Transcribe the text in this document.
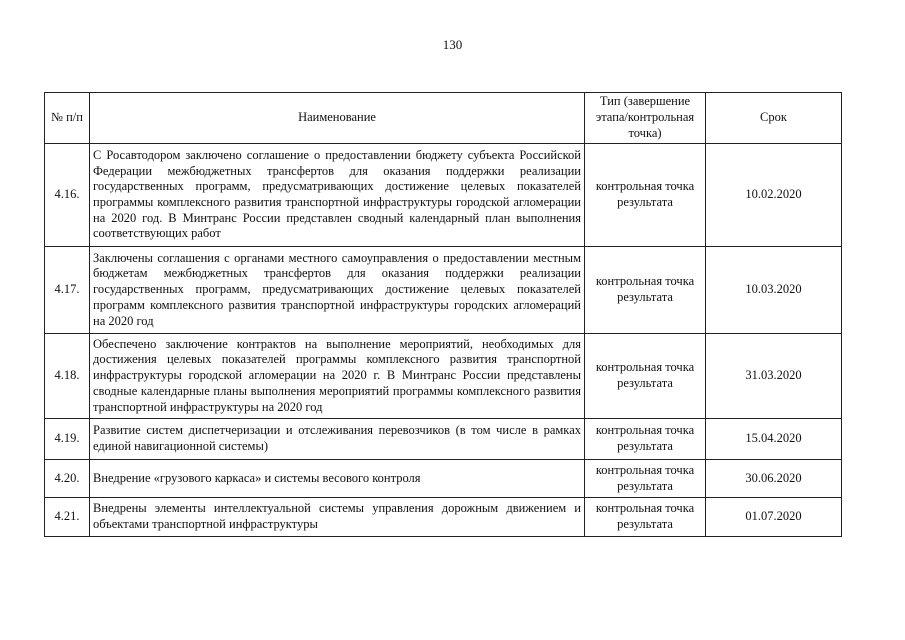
130
№ п/п	Наименование	Тип (завершение этапа/контрольная точка)	Срок
4.16.	С Росавтодором заключено соглашение о предоставлении бюджету субъекта Российской Федерации межбюджетных трансфертов для оказания поддержки реализации государственных программ, предусматривающих достижение целевых показателей программы комплексного развития транспортной инфраструктуры городской агломерации на 2020 год. В Минтранс России представлен сводный календарный план выполнения соответствующих работ	контрольная точка результата	10.02.2020
4.17.	Заключены соглашения с органами местного самоуправления о предоставлении местным бюджетам межбюджетных трансфертов для оказания поддержки реализации государственных программ, предусматривающих достижение целевых показателей программ комплексного развития транспортной инфраструктуры городских агломераций на 2020 год	контрольная точка результата	10.03.2020
4.18.	Обеспечено заключение контрактов на выполнение мероприятий, необходимых для достижения целевых показателей программы комплексного развития транспортной инфраструктуры городской агломерации на 2020 г. В Минтранс России представлены сводные календарные планы выполнения мероприятий программы комплексного развития транспортной инфраструктуры на 2020 год	контрольная точка результата	31.03.2020
4.19.	Развитие систем диспетчеризации и отслеживания перевозчиков (в том числе в рамках единой навигационной системы)	контрольная точка результата	15.04.2020
4.20.	Внедрение «грузового каркаса» и системы весового контроля	контрольная точка результата	30.06.2020
4.21.	Внедрены элементы интеллектуальной системы управления дорожным движением и объектами транспортной инфраструктуры	контрольная точка результата	01.07.2020
